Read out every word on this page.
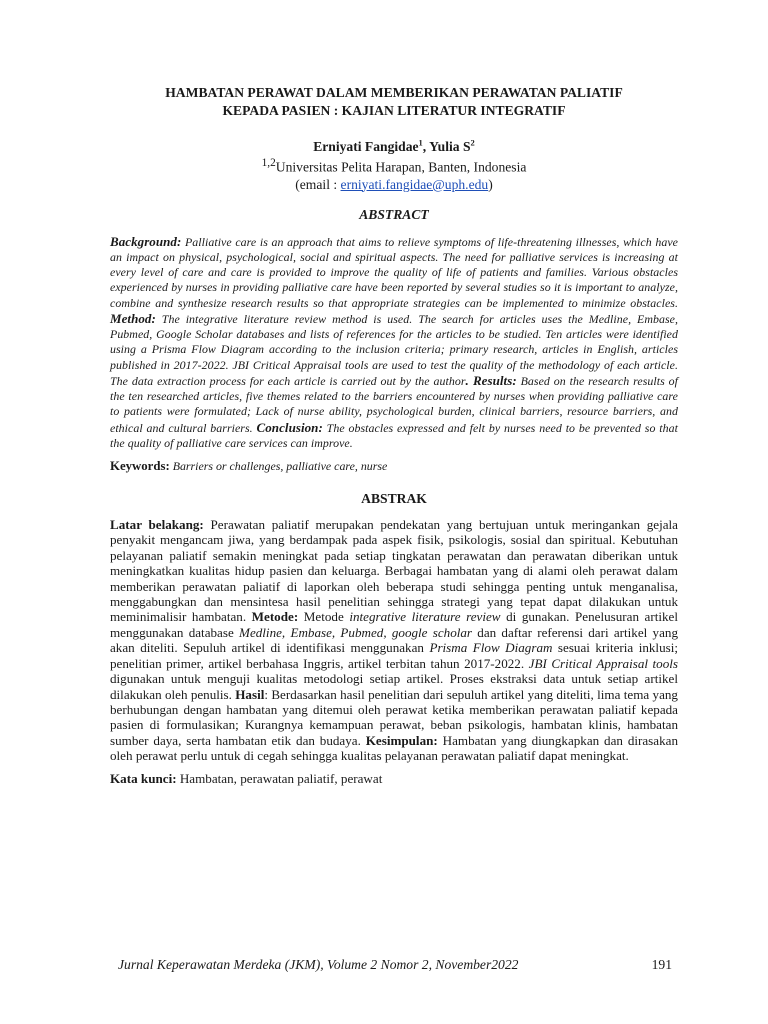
HAMBATAN PERAWAT DALAM MEMBERIKAN PERAWATAN PALIATIF
KEPADA PASIEN : KAJIAN LITERATUR INTEGRATIF
Erniyati Fangidae$^1$, Yulia $S^2$
$^{1,2}$Universitas Pelita Harapan, Banten, Indonesia
(email : erniyati.fangidae@uph.edu)
ABSTRACT
Background: Palliative care is an approach that aims to relieve symptoms of life-threatening illnesses, which have an impact on physical, psychological, social and spiritual aspects. The need for palliative services is increasing at every level of care and care is provided to improve the quality of life of patients and families. Various obstacles experienced by nurses in providing palliative care have been reported by several studies so it is important to analyze, combine and synthesize research results so that appropriate strategies can be implemented to minimize obstacles. Method: The integrative literature review method is used. The search for articles uses the Medline, Embase, Pubmed, Google Scholar databases and lists of references for the articles to be studied. Ten articles were identified using a Prisma Flow Diagram according to the inclusion criteria; primary research, articles in English, articles published in 2017-2022. JBI Critical Appraisal tools are used to test the quality of the methodology of each article. The data extraction process for each article is carried out by the author. Results: Based on the research results of the ten researched articles, five themes related to the barriers encountered by nurses when providing palliative care to patients were formulated; Lack of nurse ability, psychological burden, clinical barriers, resource barriers, and ethical and cultural barriers. Conclusion: The obstacles expressed and felt by nurses need to be prevented so that the quality of palliative care services can improve.
Keywords: Barriers or challenges, palliative care, nurse
ABSTRAK
Latar belakang: Perawatan paliatif merupakan pendekatan yang bertujuan untuk meringankan gejala penyakit mengancam jiwa, yang berdampak pada aspek fisik, psikologis, sosial dan spiritual. Kebutuhan pelayanan paliatif semakin meningkat pada setiap tingkatan perawatan dan perawatan diberikan untuk meningkatkan kualitas hidup pasien dan keluarga. Berbagai hambatan yang di alami oleh perawat dalam memberikan perawatan paliatif di laporkan oleh beberapa studi sehingga penting untuk menganalisa, menggabungkan dan mensintesa hasil penelitian sehingga strategi yang tepat dapat dilakukan untuk meminimalisir hambatan. Metode: Metode integrative literature review di gunakan. Penelusuran artikel menggunakan database Medline, Embase, Pubmed, google scholar dan daftar referensi dari artikel yang akan diteliti. Sepuluh artikel di identifikasi menggunakan Prisma Flow Diagram sesuai kriteria inklusi; penelitian primer, artikel berbahasa Inggris, artikel terbitan tahun 2017-2022. JBI Critical Appraisal tools digunakan untuk menguji kualitas metodologi setiap artikel. Proses ekstraksi data untuk setiap artikel dilakukan oleh penulis. Hasil: Berdasarkan hasil penelitian dari sepuluh artikel yang diteliti, lima tema yang berhubungan dengan hambatan yang ditemui oleh perawat ketika memberikan perawatan paliatif kepada pasien di formulasikan; Kurangnya kemampuan perawat, beban psikologis, hambatan klinis, hambatan sumber daya, serta hambatan etik dan budaya. Kesimpulan: Hambatan yang diungkapkan dan dirasakan oleh perawat perlu untuk di cegah sehingga kualitas pelayanan perawatan paliatif dapat meningkat.
Kata kunci: Hambatan, perawatan paliatif, perawat
Jurnal Keperawatan Merdeka (JKM), Volume 2 Nomor 2, November2022	191
